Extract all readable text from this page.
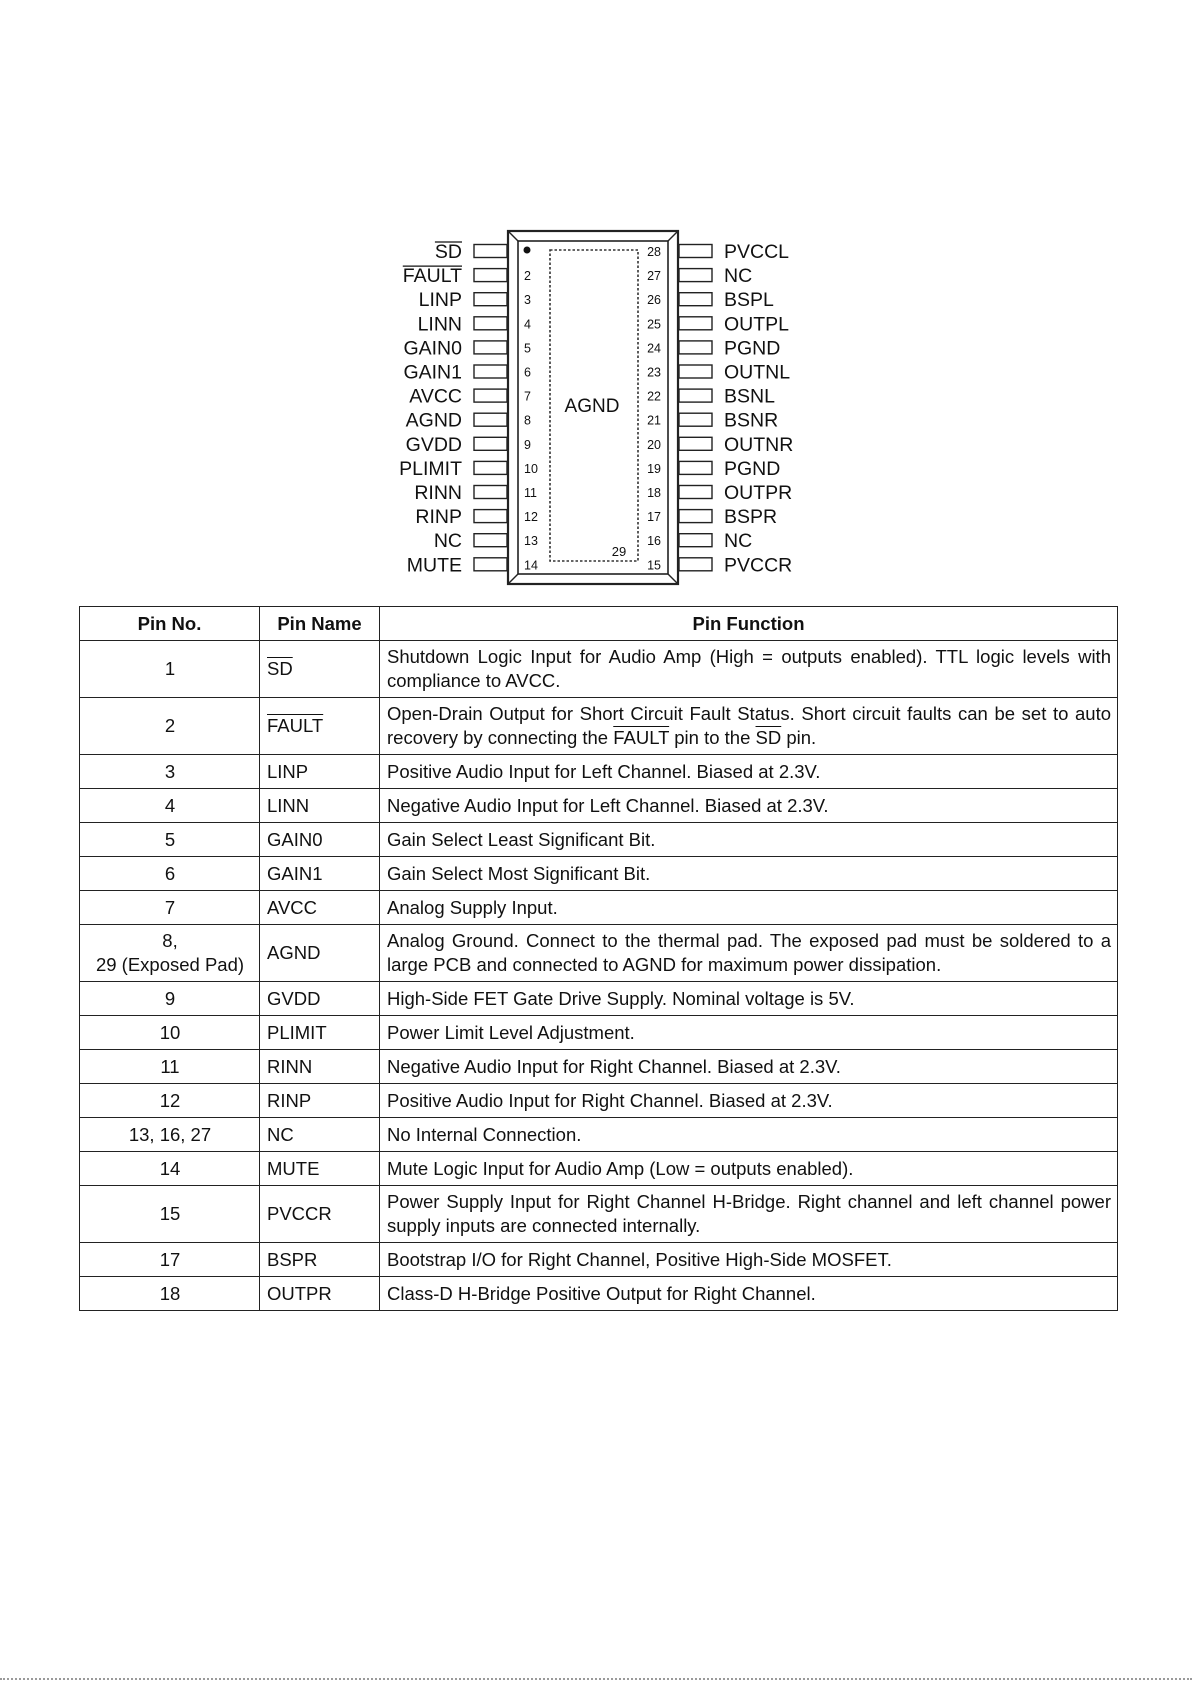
AGND
29
SD
FAULT	2
LINP	3
LINN	4
GAIN0	5
GAIN1	6
AVCC	7
AGND	8
GVDD	9
PLIMIT	10
RINN	11
RINP	12
NC	13
MUTE	14
PVCCL
28
NC
27
BSPL
26
OUTPL
25
PGND
24
OUTNL
23
BSNL
22
BSNR
21
OUTNR
20
PGND
19
OUTPR
18
BSPR
17
NC
16
PVCCR
15
Pin No.	Pin Name	Pin Function
1	$\overline{SD}$	Shutdown Logic Input for Audio Amp (High = outputs enabled). TTL logic levels with compliance to AVCC.
2	FAULT	Open-Drain Output for Short Circuit Fault Status. Short circuit faults can be set to auto recovery by connecting the FAULT pin to the $\overline{SD}$ pin.
3	LINP	Positive Audio Input for Left Channel. Biased at 2.3V.
4	LINN	Negative Audio Input for Left Channel. Biased at 2.3V.
5	GAIN0	Gain Select Least Significant Bit.
6	GAIN1	Gain Select Most Significant Bit.
7	AVCC	Analog Supply Input.
8,
29 (Exposed Pad)	AGND	Analog Ground. Connect to the thermal pad. The exposed pad must be soldered to a large PCB and connected to AGND for maximum power dissipation.
9	GVDD	High-Side FET Gate Drive Supply. Nominal voltage is 5V.
10	PLIMIT	Power Limit Level Adjustment.
11	RINN	Negative Audio Input for Right Channel. Biased at 2.3V.
12	RINP	Positive Audio Input for Right Channel. Biased at 2.3V.
13, 16, 27	NC	No Internal Connection.
14	MUTE	Mute Logic Input for Audio Amp (Low = outputs enabled).
15	PVCCR	Power Supply Input for Right Channel H-Bridge. Right channel and left channel power supply inputs are connected internally.
17	BSPR	Bootstrap I/O for Right Channel, Positive High-Side MOSFET.
18	OUTPR	Class-D H-Bridge Positive Output for Right Channel.
